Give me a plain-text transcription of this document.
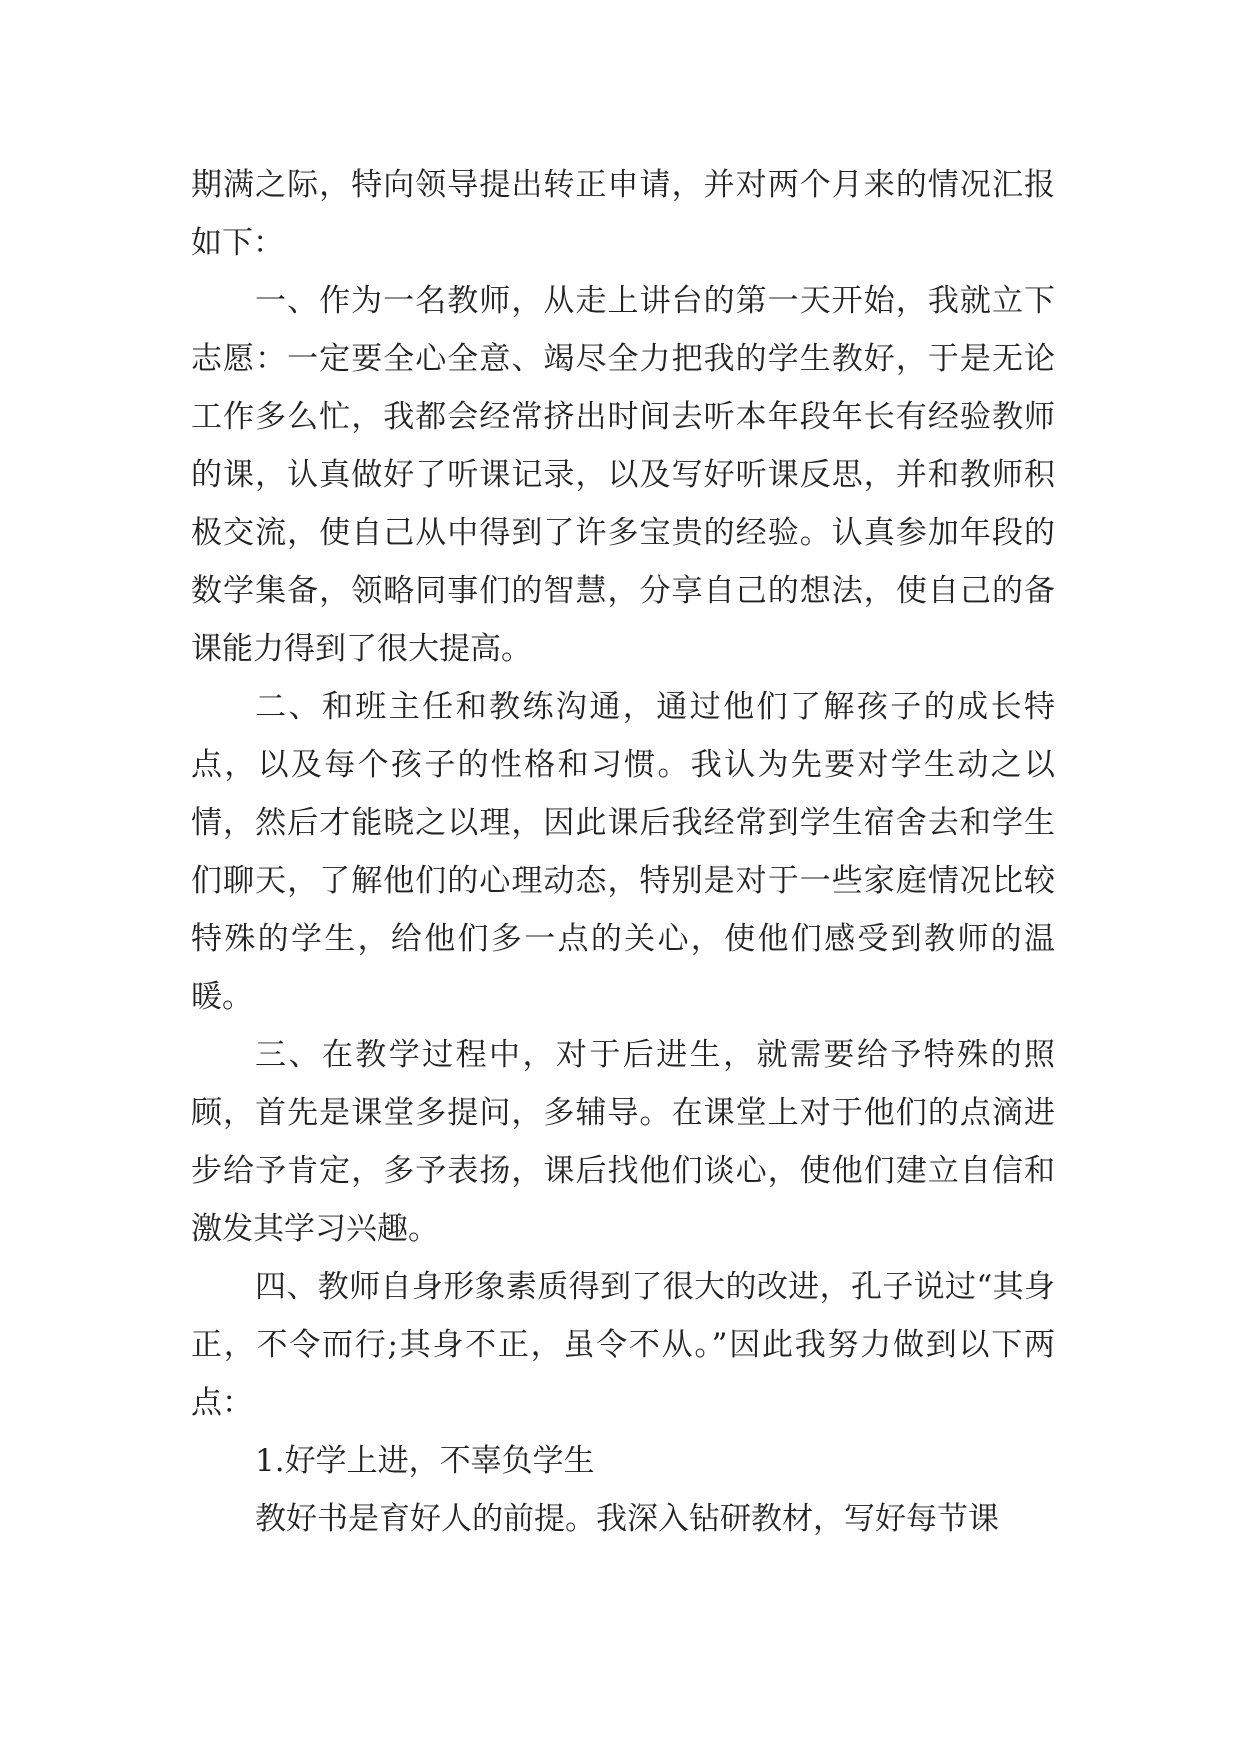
期满之际，特向领导提出转正申请，并对两个月来的情况汇报如下：

一、作为一名教师，从走上讲台的第一天开始，我就立下志愿：一定要全心全意、竭尽全力把我的学生教好，于是无论工作多么忙，我都会经常挤出时间去听本年段年长有经验教师的课，认真做好了听课记录，以及写好听课反思，并和教师积极交流，使自己从中得到了许多宝贵的经验。认真参加年段的数学集备，领略同事们的智慧，分享自己的想法，使自己的备课能力得到了很大提高。

二、和班主任和教练沟通，通过他们了解孩子的成长特点，以及每个孩子的性格和习惯。我认为先要对学生动之以情，然后才能晓之以理，因此课后我经常到学生宿舍去和学生们聊天，了解他们的心理动态，特别是对于一些家庭情况比较特殊的学生，给他们多一点的关心，使他们感受到教师的温暖。

三、在教学过程中，对于后进生，就需要给予特殊的照顾，首先是课堂多提问，多辅导。在课堂上对于他们的点滴进步给予肯定，多予表扬，课后找他们谈心，使他们建立自信和激发其学习兴趣。

四、教师自身形象素质得到了很大的改进，孔子说过“其身正，不令而行;其身不正，虽令不从。”因此我努力做到以下两点：

1.好学上进，不辜负学生

教好书是育好人的前提。我深入钻研教材，写好每节课
